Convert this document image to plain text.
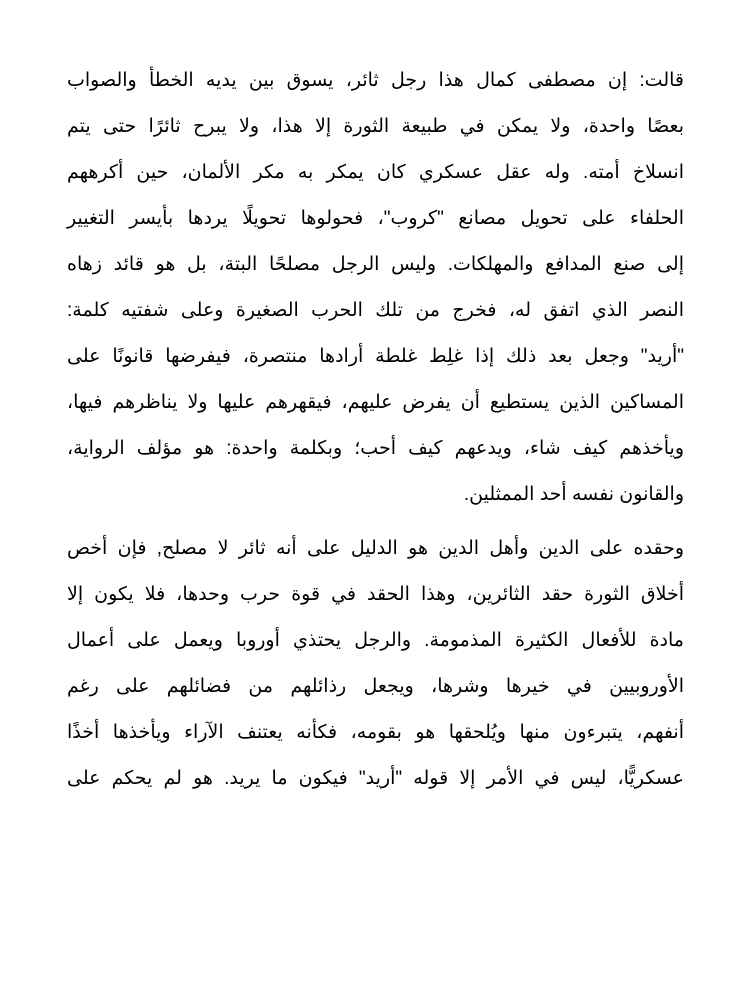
قالت: إن مصطفى كمال هذا رجل ثائر، يسوق بين يديه الخطأ والصواب
بعصًا واحدة، ولا يمكن في طبيعة الثورة إلا هذا، ولا يبرح ثائرًا حتى يتم
انسلاخ أمته. وله عقل عسكري كان يمكر به مكر الألمان، حين أكرههم
الحلفاء على تحويل مصانع "كروب"، فحولوها تحويلًا يردها بأيسر التغيير
إلى صنع المدافع والمهلكات. وليس الرجل مصلحًا البتة، بل هو قائد زهاه
النصر الذي اتفق له، فخرج من تلك الحرب الصغيرة وعلى شفتيه كلمة:
"أريد" وجعل بعد ذلك إذا غلِط غلطة أرادها منتصرة، فيفرضها قانونًا على
المساكين الذين يستطيع أن يفرض عليهم، فيقهرهم عليها ولا يناظرهم فيها،
ويأخذهم كيف شاء، ويدعهم كيف أحب؛ وبكلمة واحدة: هو مؤلف الرواية،
والقانون نفسه أحد الممثلين.
وحقده على الدين وأهل الدين هو الدليل على أنه ثائر لا مصلح, فإن أخص
أخلاق الثورة حقد الثائرين، وهذا الحقد في قوة حرب وحدها، فلا يكون إلا
مادة للأفعال الكثيرة المذمومة. والرجل يحتذي أوروبا ويعمل على أعمال
الأوروبيين في خيرها وشرها، ويجعل رذائلهم من فضائلهم على رغم
أنفهم، يتبرءون منها ويُلحقها هو بقومه، فكأنه يعتنف الآراء ويأخذها أخذًا
عسكريًّا، ليس في الأمر إلا قوله "أريد" فيكون ما يريد. هو لم يحكم على
